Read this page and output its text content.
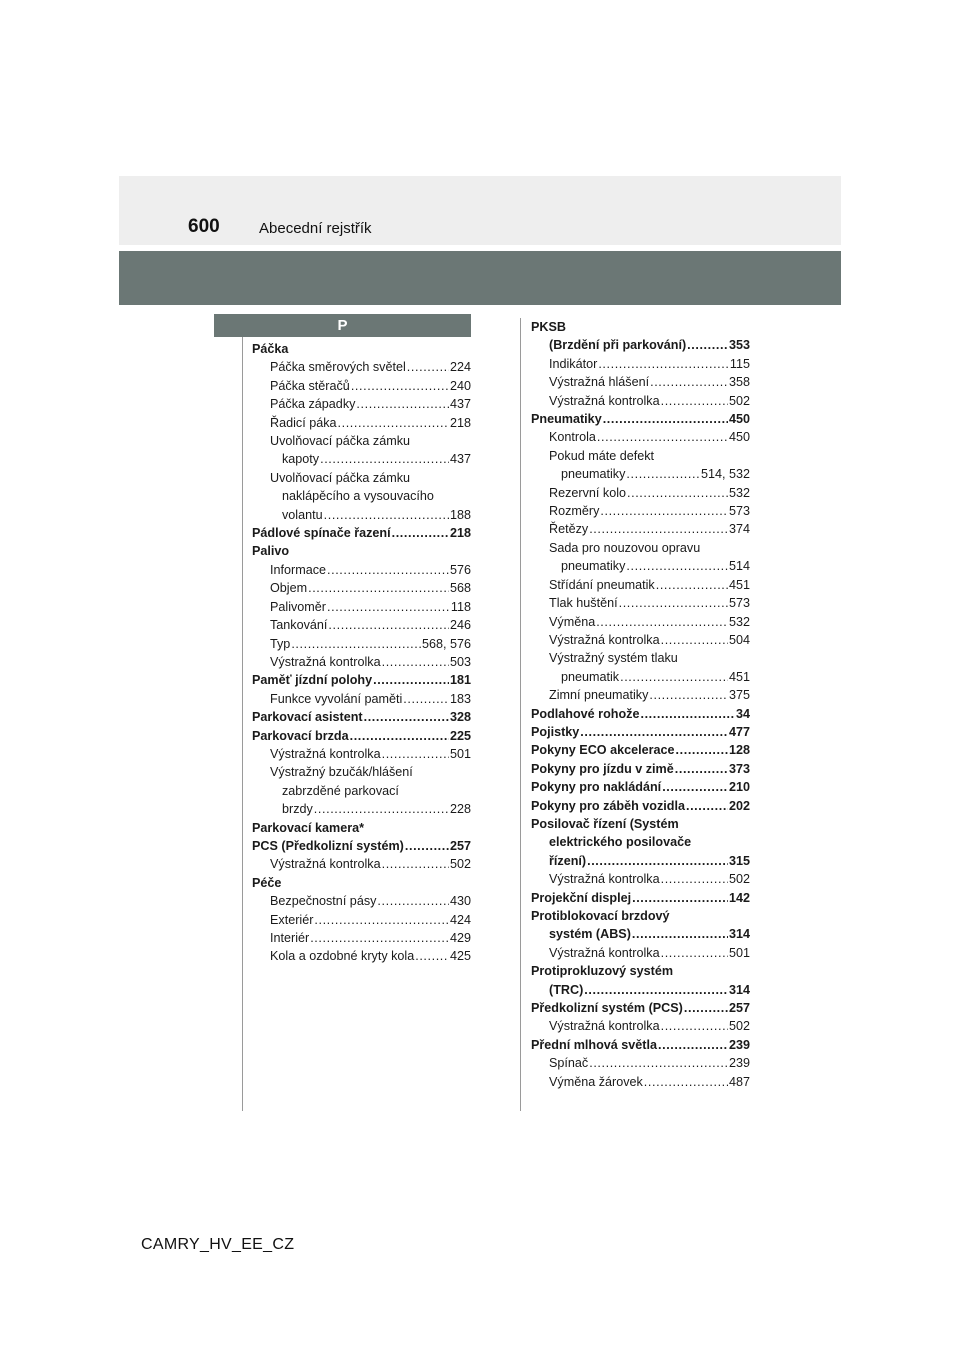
600	Abecední rejstřík
P
Páčka
Páčka směrových světel .....	224
Páčka stěračů .....	240
Páčka západky .....	437
Řadicí páka .....	218
Uvolňovací páčka zámku
kapoty .....	437
Uvolňovací páčka zámku
naklápěcího a vysouvacího
volantu .....	188
Pádlové spínače řazení .....	218
Palivo
Informace .....	576
Objem .....	568
Palivoměr .....	118
Tankování .....	246
Typ .....	568, 576
Výstražná kontrolka .....	503
Paměť jízdní polohy .....	181
Funkce vyvolání paměti .....	183
Parkovací asistent .....	328
Parkovací brzda .....	225
Výstražná kontrolka .....	501
Výstražný bzučák/hlášení
zabrzděné parkovací
brzdy .....	228
Parkovací kamera*
PCS (Předkolizní systém) .....	257
Výstražná kontrolka .....	502
Péče
Bezpečnostní pásy .....	430
Exteriér .....	424
Interiér .....	429
Kola a ozdobné kryty kola .....	425
PKSB
(Brzdění při parkování) .....	353
Indikátor .....	115
Výstražná hlášení .....	358
Výstražná kontrolka .....	502
Pneumatiky .....	450
Kontrola .....	450
Pokud máte defekt
pneumatiky .....	514, 532
Rezervní kolo .....	532
Rozměry .....	573
Řetězy .....	374
Sada pro nouzovou opravu
pneumatiky .....	514
Střídání pneumatik .....	451
Tlak huštění .....	573
Výměna .....	532
Výstražná kontrolka .....	504
Výstražný systém tlaku
pneumatik .....	451
Zimní pneumatiky .....	375
Podlahové rohože .....	34
Pojistky .....	477
Pokyny ECO akcelerace .....	128
Pokyny pro jízdu v zimě .....	373
Pokyny pro nakládání .....	210
Pokyny pro záběh vozidla .....	202
Posilovač řízení (Systém
elektrického posilovače
řízení) .....	315
Výstražná kontrolka .....	502
Projekční displej .....	142
Protiblokovací brzdový
systém (ABS) .....	314
Výstražná kontrolka .....	501
Protiprokluzový systém
(TRC) .....	314
Předkolizní systém (PCS) .....	257
Výstražná kontrolka .....	502
Přední mlhová světla .....	239
Spínač .....	239
Výměna žárovek .....	487
CAMRY_HV_EE_CZ
